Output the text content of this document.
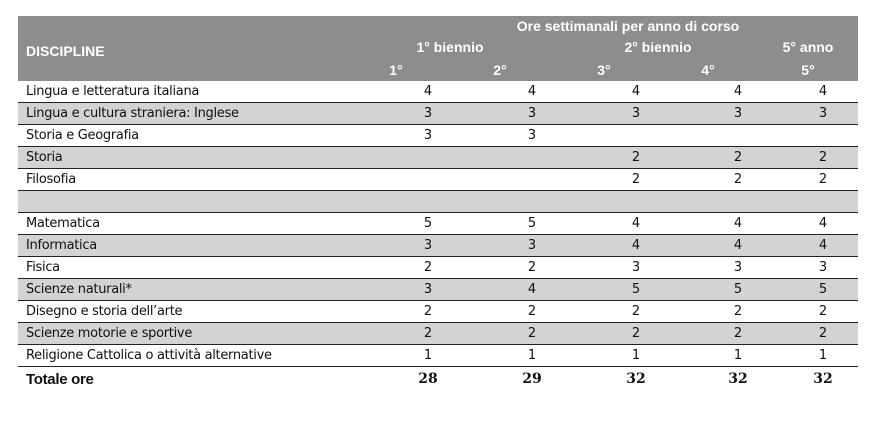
Ore settimanali per anno di corso
DISCIPLINE	1° biennio	2° biennio	5° anno
1°	2°	3°	4°	5°
Lingua e letteratura italiana	4	4	4	4	4
Lingua e cultura straniera: Inglese	3	3	3	3	3
Storia e Geografia	3	3			
Storia			2	2	2
Filosofia			2	2	2

Matematica	5	5	4	4	4
Informatica	3	3	4	4	4
Fisica	2	2	3	3	3
Scienze naturali*	3	4	5	5	5
Disegno e storia dell’arte	2	2	2	2	2
Scienze motorie e sportive	2	2	2	2	2
Religione Cattolica o attività alternative	1	1	1	1	1
Totale ore	28	29	32	32	32
